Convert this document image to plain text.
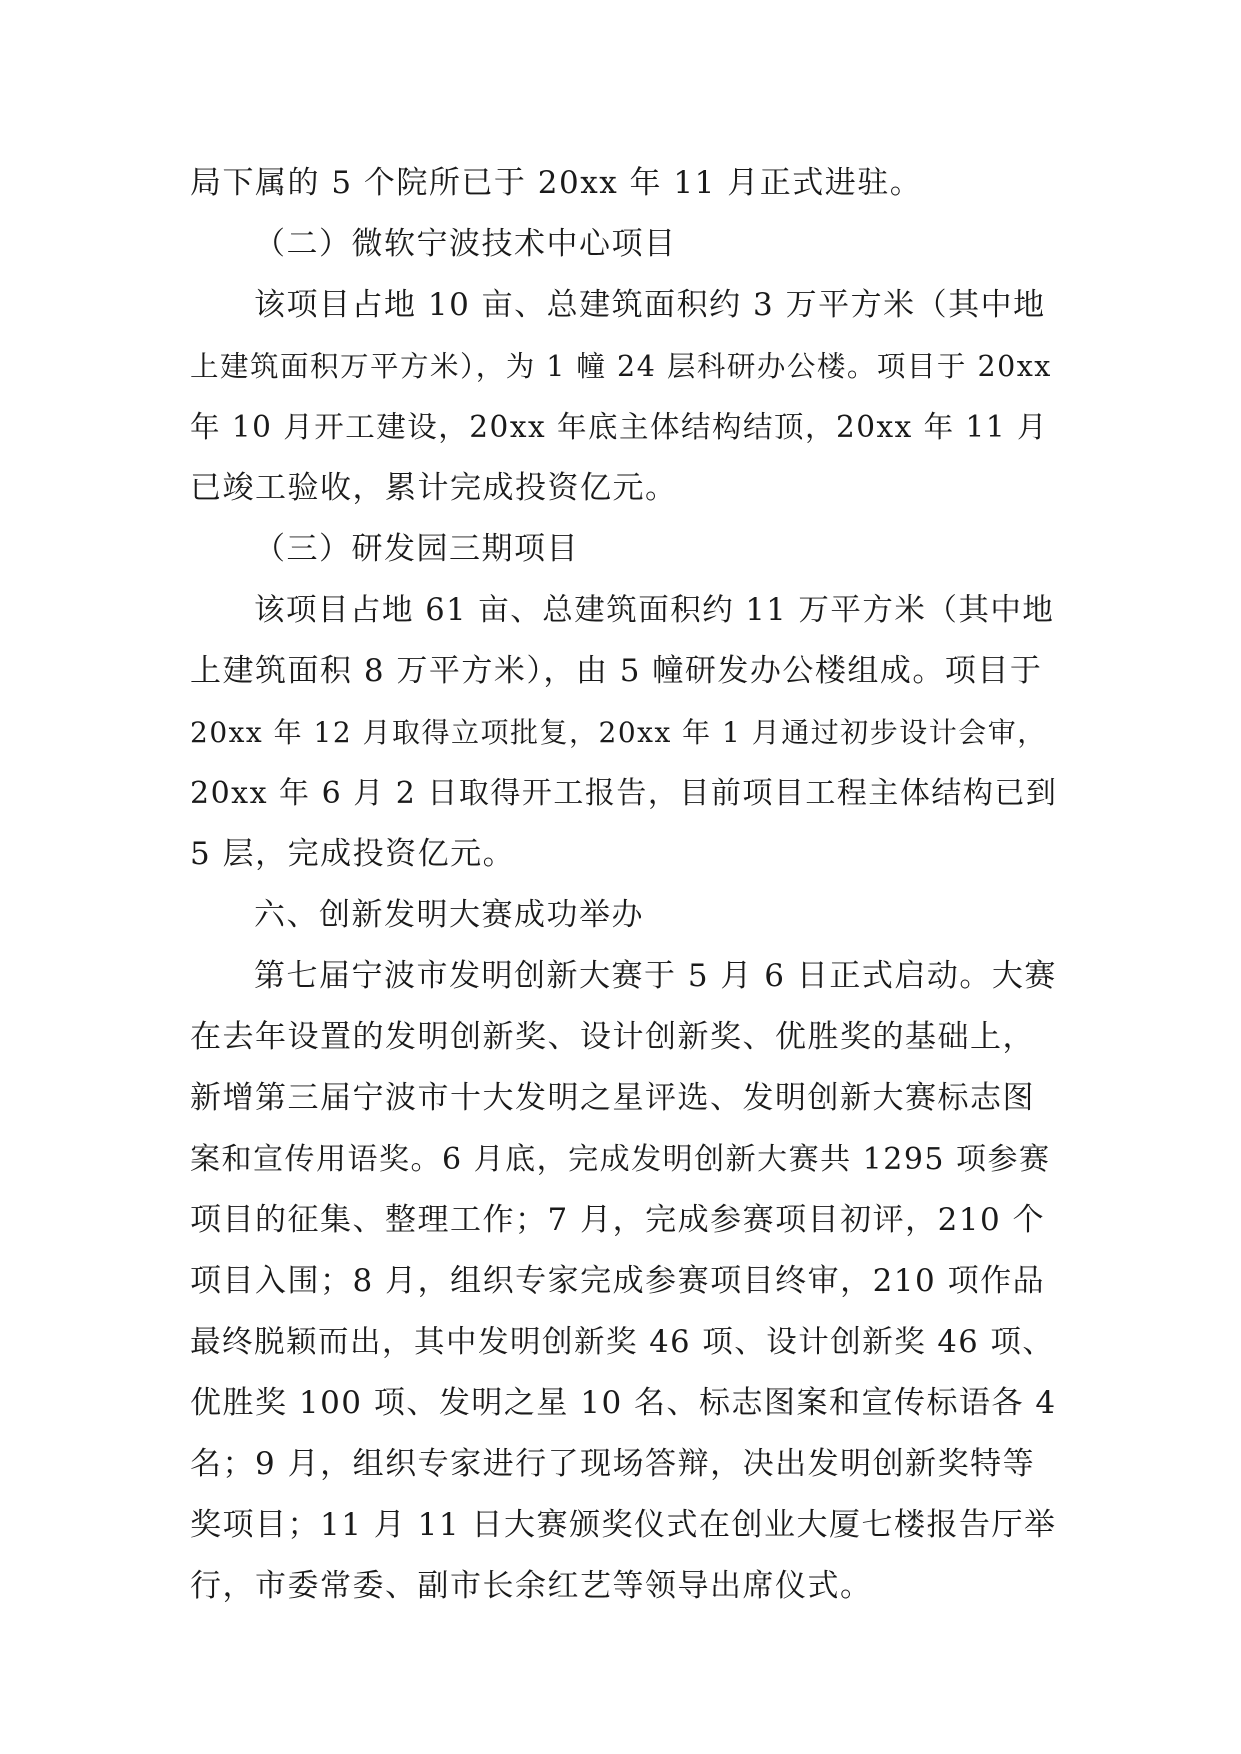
局下属的 5 个院所已于 20xx 年 11 月正式进驻。
（二）微软宁波技术中心项目
该项目占地 10 亩、总建筑面积约 3 万平方米（其中地
上建筑面积万平方米），为 1 幢 24 层科研办公楼。项目于 20xx
年 10 月开工建设，20xx 年底主体结构结顶，20xx 年 11 月
已竣工验收，累计完成投资亿元。
（三）研发园三期项目
该项目占地 61 亩、总建筑面积约 11 万平方米（其中地
上建筑面积 8 万平方米），由 5 幢研发办公楼组成。项目于
20xx 年 12 月取得立项批复，20xx 年 1 月通过初步设计会审，
20xx 年 6 月 2 日取得开工报告，目前项目工程主体结构已到
5 层，完成投资亿元。
六、创新发明大赛成功举办
第七届宁波市发明创新大赛于 5 月 6 日正式启动。大赛
在去年设置的发明创新奖、设计创新奖、优胜奖的基础上，
新增第三届宁波市十大发明之星评选、发明创新大赛标志图
案和宣传用语奖。6 月底，完成发明创新大赛共 1295 项参赛
项目的征集、整理工作；7 月，完成参赛项目初评，210 个
项目入围；8 月，组织专家完成参赛项目终审，210 项作品
最终脱颖而出，其中发明创新奖 46 项、设计创新奖 46 项、
优胜奖 100 项、发明之星 10 名、标志图案和宣传标语各 4
名；9 月，组织专家进行了现场答辩，决出发明创新奖特等
奖项目；11 月 11 日大赛颁奖仪式在创业大厦七楼报告厅举
行，市委常委、副市长余红艺等领导出席仪式。
